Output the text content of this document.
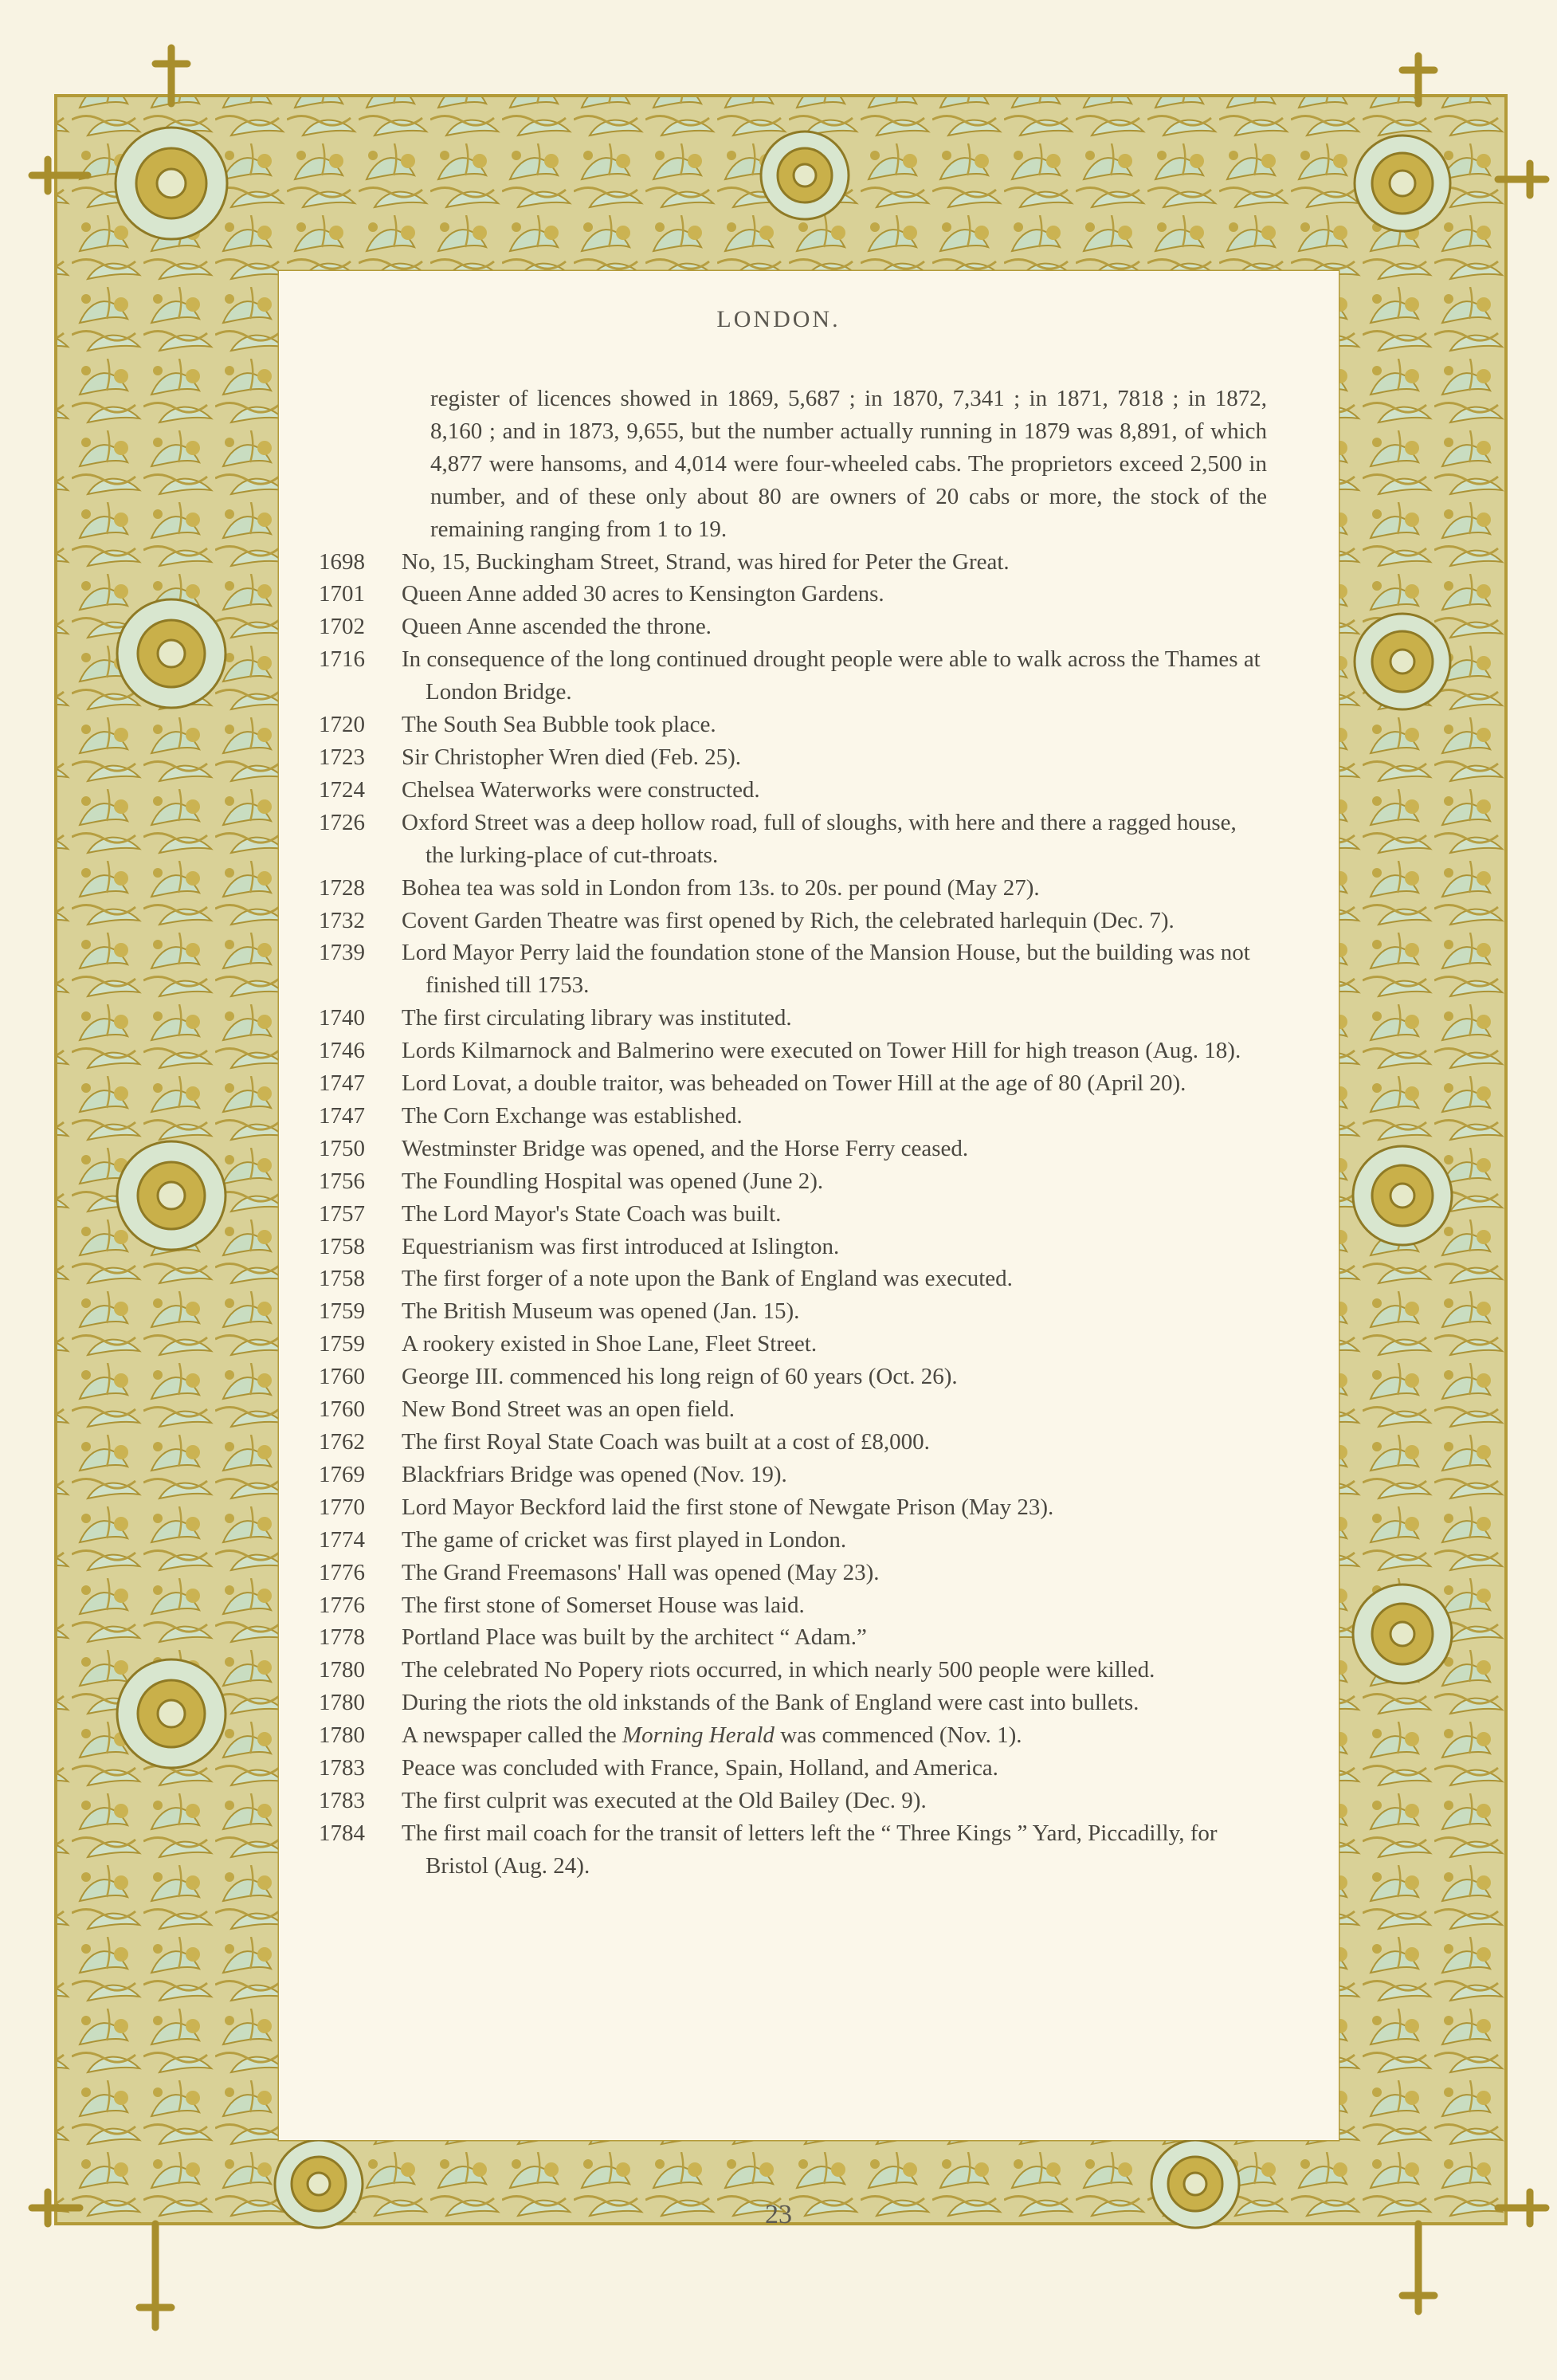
LONDON.
register of licences showed in 1869, 5,687 ; in 1870, 7,341 ; in 1871, 7818 ; in 1872, 8,160 ; and in 1873, 9,655, but the number actually running in 1879 was 8,891, of which 4,877 were hansoms, and 4,014 were four-wheeled cabs. The proprietors exceed 2,500 in number, and of these only about 80 are owners of 20 cabs or more, the stock of the remaining ranging from 1 to 19.
1698	No, 15, Buckingham Street, Strand, was hired for Peter the Great.
1701	Queen Anne added 30 acres to Kensington Gardens.
1702	Queen Anne ascended the throne.
1716	In consequence of the long continued drought people were able to walk across the Thames at London Bridge.
1720	The South Sea Bubble took place.
1723	Sir Christopher Wren died (Feb. 25).
1724	Chelsea Waterworks were constructed.
1726	Oxford Street was a deep hollow road, full of sloughs, with here and there a ragged house, the lurking-place of cut-throats.
1728	Bohea tea was sold in London from 13s. to 20s. per pound (May 27).
1732	Covent Garden Theatre was first opened by Rich, the celebrated harlequin (Dec. 7).
1739	Lord Mayor Perry laid the foundation stone of the Mansion House, but the building was not finished till 1753.
1740	The first circulating library was instituted.
1746	Lords Kilmarnock and Balmerino were executed on Tower Hill for high treason (Aug. 18).
1747	Lord Lovat, a double traitor, was beheaded on Tower Hill at the age of 80 (April 20).
1747	The Corn Exchange was established.
1750	Westminster Bridge was opened, and the Horse Ferry ceased.
1756	The Foundling Hospital was opened (June 2).
1757	The Lord Mayor's State Coach was built.
1758	Equestrianism was first introduced at Islington.
1758	The first forger of a note upon the Bank of England was executed.
1759	The British Museum was opened (Jan. 15).
1759	A rookery existed in Shoe Lane, Fleet Street.
1760	George III. commenced his long reign of 60 years (Oct. 26).
1760	New Bond Street was an open field.
1762	The first Royal State Coach was built at a cost of £8,000.
1769	Blackfriars Bridge was opened (Nov. 19).
1770	Lord Mayor Beckford laid the first stone of Newgate Prison (May 23).
1774	The game of cricket was first played in London.
1776	The Grand Freemasons' Hall was opened (May 23).
1776	The first stone of Somerset House was laid.
1778	Portland Place was built by the architect “ Adam.”
1780	The celebrated No Popery riots occurred, in which nearly 500 people were killed.
1780	During the riots the old inkstands of the Bank of England were cast into bullets.
1780	A newspaper called the Morning Herald was commenced (Nov. 1).
1783	Peace was concluded with France, Spain, Holland, and America.
1783	The first culprit was executed at the Old Bailey (Dec. 9).
1784	The first mail coach for the transit of letters left the “ Three Kings ” Yard, Piccadilly, for Bristol (Aug. 24).
23
